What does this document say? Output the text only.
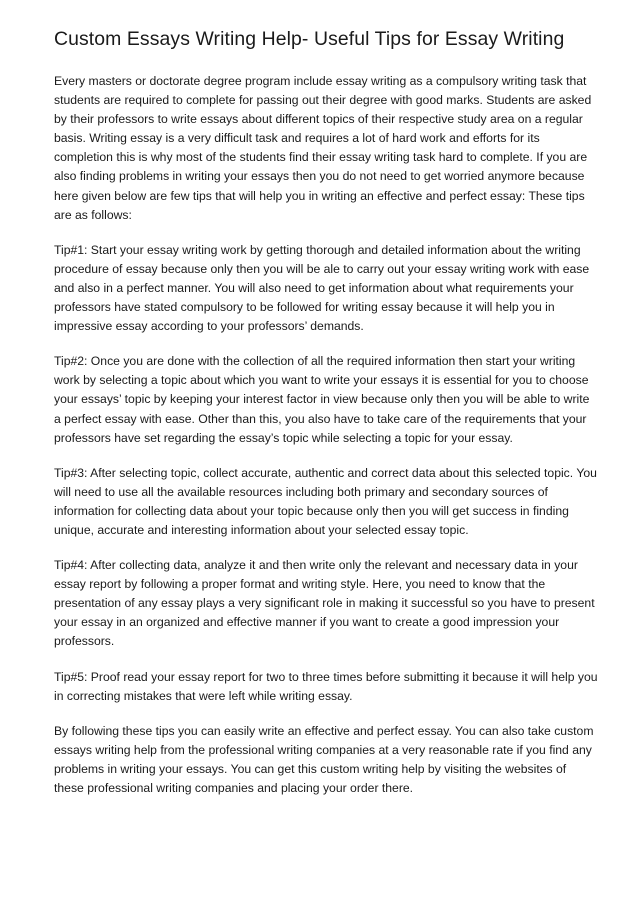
Custom Essays Writing Help- Useful Tips for Essay Writing

Every masters or doctorate degree program include essay writing as a compulsory writing task that students are required to complete for passing out their degree with good marks. Students are asked by their professors to write essays about different topics of their respective study area on a regular basis. Writing essay is a very difficult task and requires a lot of hard work and efforts for its completion this is why most of the students find their essay writing task hard to complete. If you are also finding problems in writing your essays then you do not need to get worried anymore because here given below are few tips that will help you in writing an effective and perfect essay: These tips are as follows:

Tip#1: Start your essay writing work by getting thorough and detailed information about the writing procedure of essay because only then you will be ale to carry out your essay writing work with ease and also in a perfect manner. You will also need to get information about what requirements your professors have stated compulsory to be followed for writing essay because it will help you in impressive essay according to your professors’ demands.

Tip#2: Once you are done with the collection of all the required information then start your writing work by selecting a topic about which you want to write your essays it is essential for you to choose your essays’ topic by keeping your interest factor in view because only then you will be able to write a perfect essay with ease. Other than this, you also have to take care of the requirements that your professors have set regarding the essay’s topic while selecting a topic for your essay.

Tip#3: After selecting topic, collect accurate, authentic and correct data about this selected topic. You will need to use all the available resources including both primary and secondary sources of information for collecting data about your topic because only then you will get success in finding unique, accurate and interesting information about your selected essay topic.

Tip#4: After collecting data, analyze it and then write only the relevant and necessary data in your essay report by following a proper format and writing style. Here, you need to know that the presentation of any essay plays a very significant role in making it successful so you have to present your essay in an organized and effective manner if you want to create a good impression your professors.

Tip#5: Proof read your essay report for two to three times before submitting it because it will help you in correcting mistakes that were left while writing essay.

By following these tips you can easily write an effective and perfect essay. You can also take custom essays writing help from the professional writing companies at a very reasonable rate if you find any problems in writing your essays. You can get this custom writing help by visiting the websites of these professional writing companies and placing your order there.
